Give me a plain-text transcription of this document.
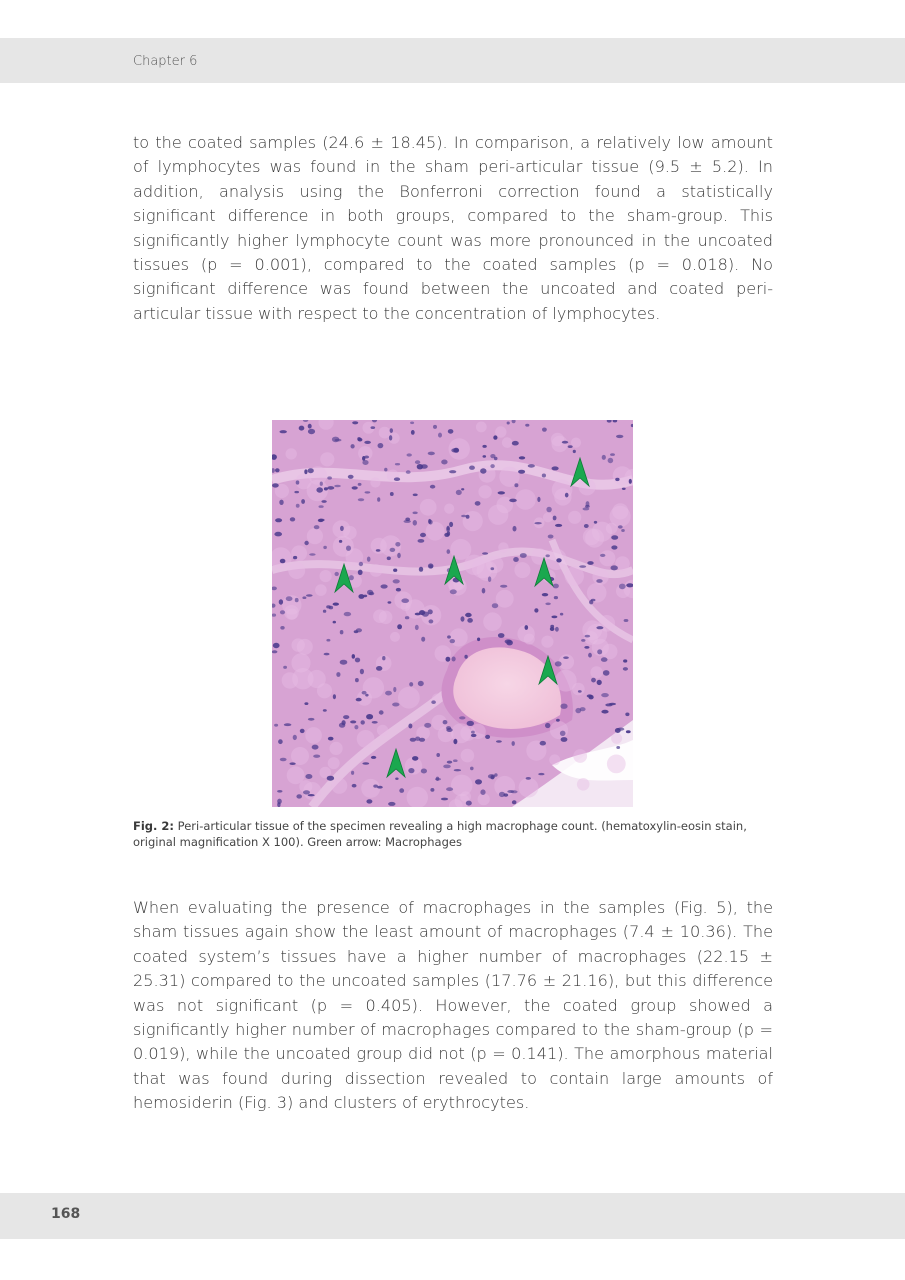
Chapter 6

to the coated samples (24.6 ± 18.45). In comparison, a relatively low amount of lymphocytes was found in the sham peri-articular tissue (9.5 ± 5.2). In addition, analysis using the Bonferroni correction found a statistically significant difference in both groups, compared to the sham-group. This significantly higher lymphocyte count was more pronounced in the uncoated tissues (p = 0.001), compared to the coated samples (p = 0.018). No significant difference was found between the uncoated and coated peri-articular tissue with respect to the concentration of lymphocytes.

Fig. 2: Peri-articular tissue of the specimen revealing a high macrophage count. (hematoxylin-eosin stain, original magnification X 100). Green arrow: Macrophages

When evaluating the presence of macrophages in the samples (Fig. 5), the sham tissues again show the least amount of macrophages (7.4 ± 10.36). The coated system’s tissues have a higher number of macrophages (22.15 ± 25.31) compared to the uncoated samples (17.76 ± 21.16), but this difference was not significant (p = 0.405). However, the coated group showed a significantly higher number of macrophages compared to the sham-group (p = 0.019), while the uncoated group did not (p = 0.141). The amorphous material that was found during dissection revealed to contain large amounts of hemosiderin (Fig. 3) and clusters of erythrocytes.

168
